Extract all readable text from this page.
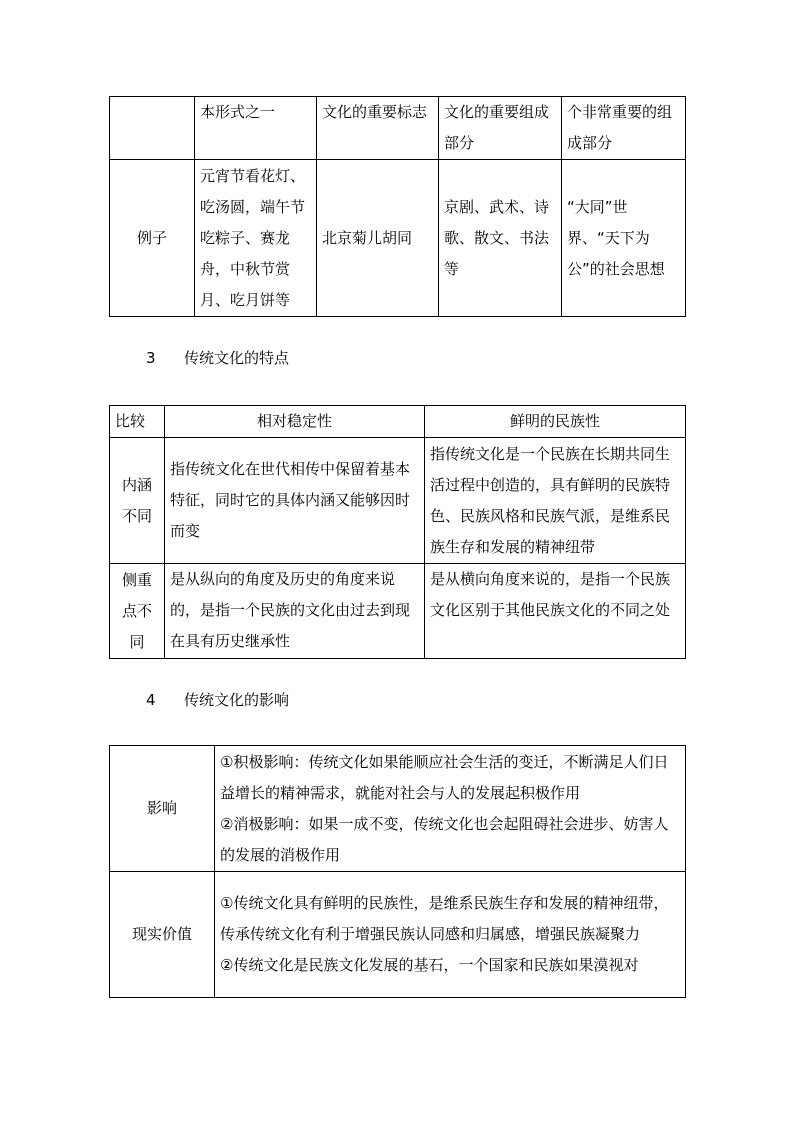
	本形式之一	文化的重要标志	文化的重要组成部分	个非常重要的组成部分
例子	元宵节看花灯、吃汤圆，端午节吃粽子、赛龙舟，中秋节赏月、吃月饼等	北京菊儿胡同	京剧、武术、诗歌、散文、书法等	“大同”世界、“天下为公”的社会思想
3 传统文化的特点
比较	相对稳定性	鲜明的民族性
内涵不同	指传统文化在世代相传中保留着基本特征，同时它的具体内涵又能够因时而变	指传统文化是一个民族在长期共同生活过程中创造的，具有鲜明的民族特色、民族风格和民族气派，是维系民族生存和发展的精神纽带
侧重点不同	是从纵向的角度及历史的角度来说的，是指一个民族的文化由过去到现在具有历史继承性	是从横向角度来说的，是指一个民族文化区别于其他民族文化的不同之处
4 传统文化的影响
影响	①积极影响：传统文化如果能顺应社会生活的变迁，不断满足人们日益增长的精神需求，就能对社会与人的发展起积极作用
②消极影响：如果一成不变，传统文化也会起阻碍社会进步、妨害人的发展的消极作用

现实价值	①传统文化具有鲜明的民族性，是维系民族生存和发展的精神纽带，传承传统文化有利于增强民族认同感和归属感，增强民族凝聚力
②传统文化是民族文化发展的基石，一个国家和民族如果漠视对
